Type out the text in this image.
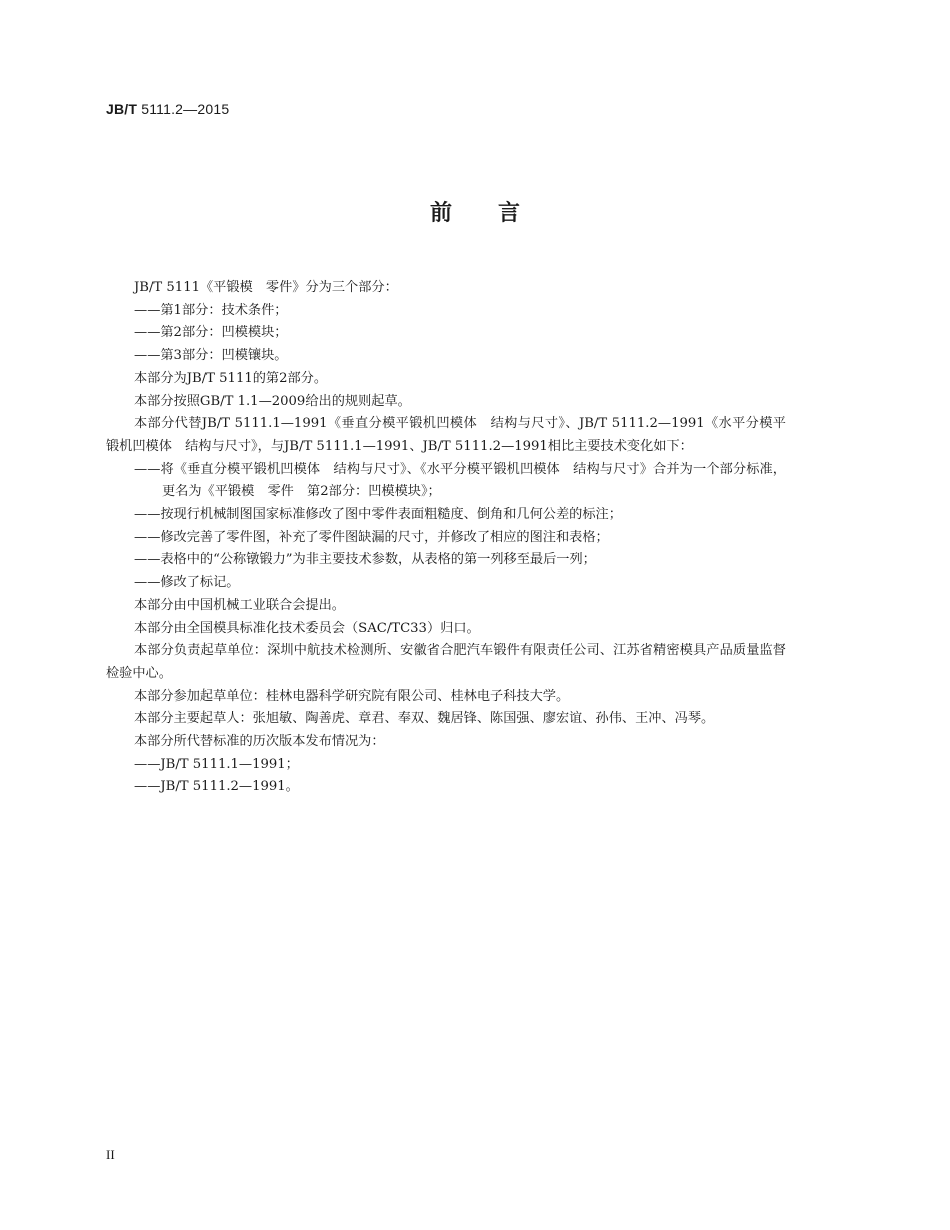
JB/T 5111.2—2015
前言

JB/T 5111《平锻模　零件》分为三个部分：

——第1部分：技术条件；

——第2部分：凹模模块；

——第3部分：凹模镶块。

本部分为JB/T 5111的第2部分。

本部分按照GB/T 1.1—2009给出的规则起草。

本部分代替JB/T 5111.1—1991《垂直分模平锻机凹模体　结构与尺寸》、JB/T 5111.2—1991《水平分模平锻机凹模体　结构与尺寸》，与JB/T 5111.1—1991、JB/T 5111.2—1991相比主要技术变化如下：

——将《垂直分模平锻机凹模体　结构与尺寸》、《水平分模平锻机凹模体　结构与尺寸》合并为一个部分标准，更名为《平锻模　零件　第2部分：凹模模块》；

——按现行机械制图国家标准修改了图中零件表面粗糙度、倒角和几何公差的标注；

——修改完善了零件图，补充了零件图缺漏的尺寸，并修改了相应的图注和表格；

——表格中的“公称镦锻力”为非主要技术参数，从表格的第一列移至最后一列；

——修改了标记。

本部分由中国机械工业联合会提出。

本部分由全国模具标准化技术委员会（SAC/TC33）归口。

本部分负责起草单位：深圳中航技术检测所、安徽省合肥汽车锻件有限责任公司、江苏省精密模具产品质量监督检验中心。

本部分参加起草单位：桂林电器科学研究院有限公司、桂林电子科技大学。

本部分主要起草人：张旭敏、陶善虎、章君、奉双、魏居锋、陈国强、廖宏谊、孙伟、王冲、冯琴。

本部分所代替标准的历次版本发布情况为：

——JB/T 5111.1—1991；

——JB/T 5111.2—1991。

II
